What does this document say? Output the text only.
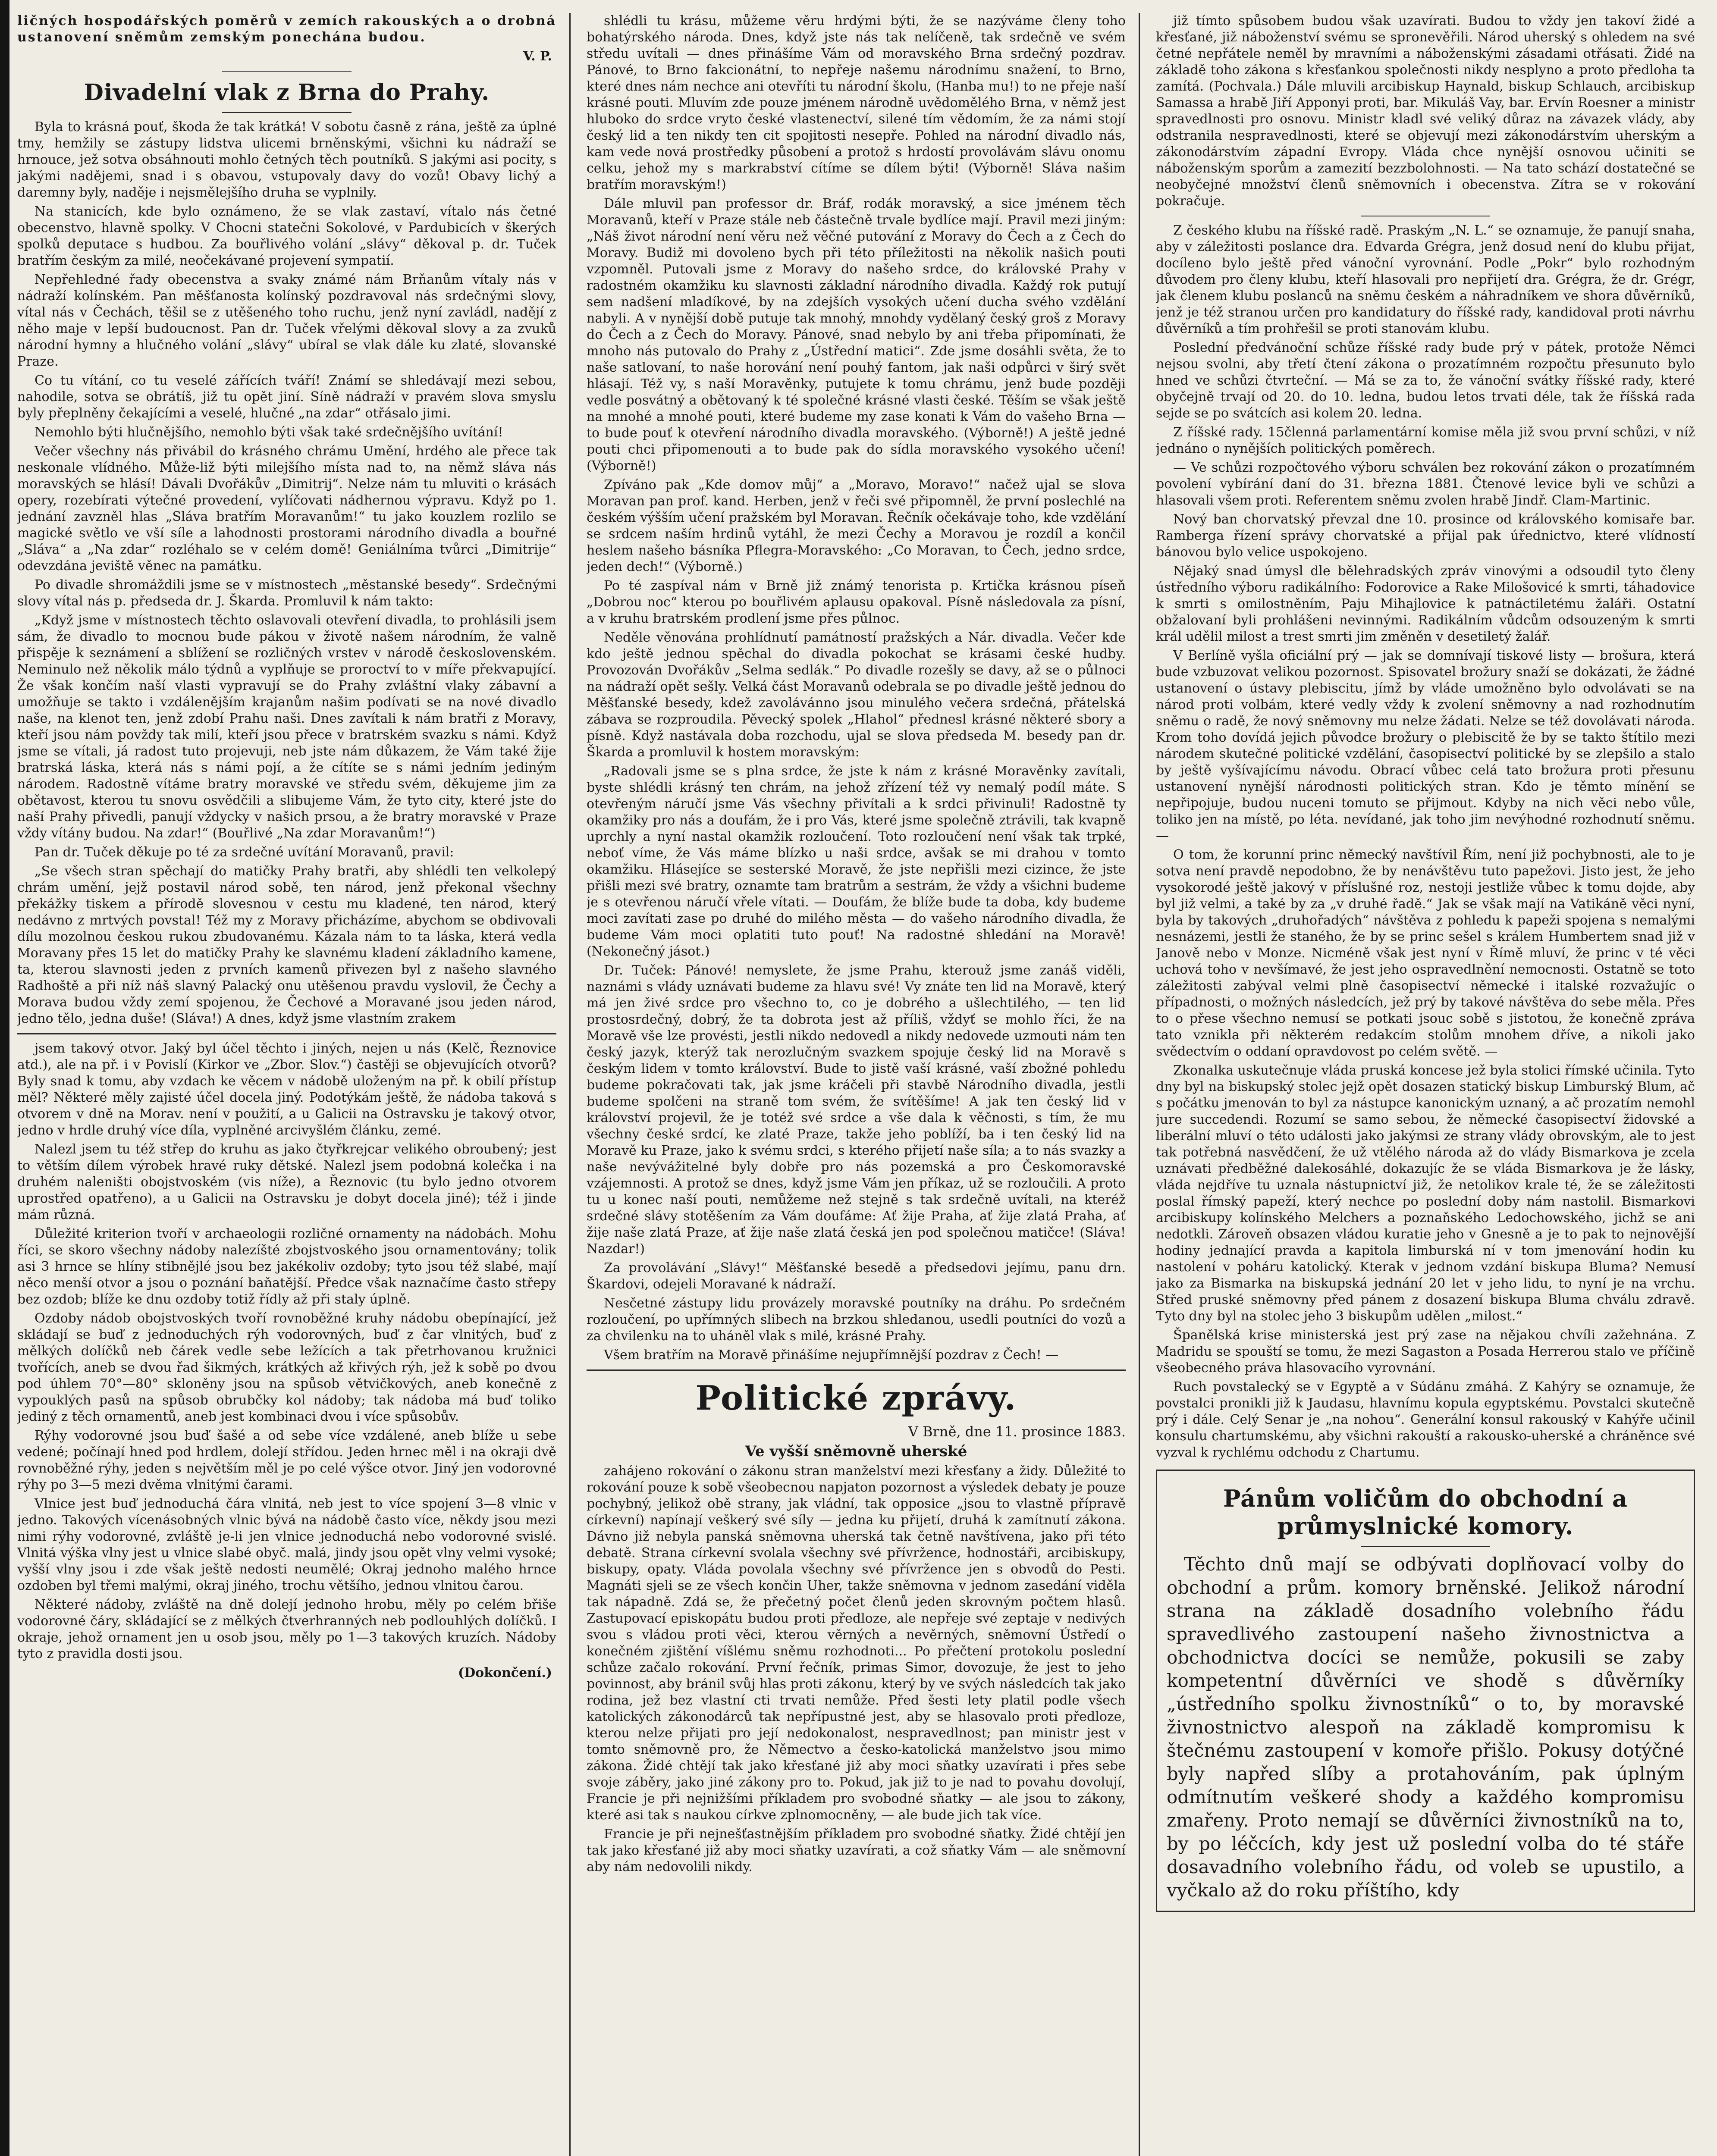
ličných hospodářských poměrů v zemích rakouských a o drobná ustanovení sněmům zemským ponechána budou.

V. P.
Divadelní vlak z Brna do Prahy.

Byla to krásná pouť, škoda že tak krátká! V sobotu časně z rána, ještě za úplné tmy, hemžily se zástupy lidstva ulicemi brněnskými, všichni ku nádraží se hrnouce, jež sotva obsáhnouti mohlo četných těch poutníků. S jakými asi pocity, s jakými nadějemi, snad i s obavou, vstupovaly davy do vozů! Obavy lichý a daremny byly, naděje i nejsmělejšího druha se vyplnily.

Na stanicích, kde bylo oznámeno, že se vlak zastaví, vítalo nás četné obecenstvo, hlavně spolky. V Chocni statečni Sokolové, v Pardubicích v škerých spolků deputace s hudbou. Za bouřlivého volání „slávy“ děkoval p. dr. Tuček bratřím českým za milé, neočekávané projevení sympatií.

Nepřehledné řady obecenstva a svaky známé nám Brňanům vítaly nás v nádraží kolínském. Pan měšťanosta kolínský pozdravoval nás srdečnými slovy, vítal nás v Čechách, těšil se z utěšeného toho ruchu, jenž nyní zavládl, nadějí z něho maje v lepší budoucnost. Pan dr. Tuček vřelými děkoval slovy a za zvuků národní hymny a hlučného volání „slávy“ ubíral se vlak dále ku zlaté, slovanské Praze.

Co tu vítání, co tu veselé zářících tváří! Známí se shledávají mezi sebou, nahodile, sotva se obrátíš, již tu opět jiní. Síně nádraží v pravém slova smyslu byly přeplněny čekajícími a veselé, hlučné „na zdar“ otřásalo jimi.

Nemohlo býti hlučnějšího, nemohlo býti však také srdečnějšího uvítání!

Večer všechny nás přivábil do krásného chrámu Umění, hrdého ale přece tak neskonale vlídného. Může-liž býti milejšího místa nad to, na němž sláva nás moravských se hlásí! Dávali Dvořákův „Dimitrij“. Nelze nám tu mluviti o krásách opery, rozebírati výtečné provedení, vylíčovati nádhernou výpravu. Když po 1. jednání zavzněl hlas „Sláva bratřím Moravanům!“ tu jako kouzlem rozlilo se magické světlo ve vší síle a lahodnosti prostorami národního divadla a bouřné „Sláva“ a „Na zdar“ rozléhalo se v celém domě! Geniálníma tvůrci „Dimitrije“ odevzdána jeviště věnec na památku.

Po divadle shromáždili jsme se v místnostech „městanské besedy“. Srdečnými slovy vítal nás p. předseda dr. J. Škarda. Promluvil k nám takto:

„Když jsme v místnostech těchto oslavovali otevření divadla, to prohlásili jsem sám, že divadlo to mocnou bude pákou v životě našem národním, že valně přispěje k seznámení a sblížení se rozličných vrstev v národě československém. Neminulo než několik málo týdnů a vyplňuje se proroctví to v míře překvapující. Že však končím naší vlasti vypravují se do Prahy zvláštní vlaky zábavní a umožňuje se takto i vzdálenějším krajanům našim podívati se na nové divadlo naše, na klenot ten, jenž zdobí Prahu naši. Dnes zavítali k nám bratři z Moravy, kteří jsou nám povždy tak milí, kteří jsou přece v bratrském svazku s námi. Když jsme se vítali, já radost tuto projevuji, neb jste nám důkazem, že Vám také žije bratrská láska, která nás s námi pojí, a že cítíte se s námi jedním jediným národem. Radostně vítáme bratry moravské ve středu svém, děkujeme jim za obětavost, kterou tu snovu osvědčili a slibujeme Vám, že tyto city, které jste do naší Prahy přivedli, panují vždycky v našich prsou, a že bratry moravské v Praze vždy vítány budou. Na zdar!“ (Bouřlivé „Na zdar Moravanům!“)

Pan dr. Tuček děkuje po té za srdečné uvítání Moravanů, pravil:

„Se všech stran spěchají do matičky Prahy bratři, aby shlédli ten velkolepý chrám umění, jejž postavil národ sobě, ten národ, jenž překonal všechny překážky tiskem a přírodě slovesnou v cestu mu kladené, ten národ, který nedávno z mrtvých povstal! Též my z Moravy přicházíme, abychom se obdivovali dílu mozolnou českou rukou zbudovanému. Kázala nám to ta láska, která vedla Moravany přes 15 let do matičky Prahy ke slavnému kladení základního kamene, ta, kterou slavnosti jeden z prvních kamenů přivezen byl z našeho slavného Radhoště a při níž náš slavný Palacký onu utěšenou pravdu vyslovil, že Čechy a Morava budou vždy zemí spojenou, že Čechové a Moravané jsou jeden národ, jedno tělo, jedna duše! (Sláva!) A dnes, když jsme vlastním zrakem

jsem takový otvor. Jaký byl účel těchto i jiných, nejen u nás (Kelč, Řeznovice atd.), ale na př. i v Povislí (Kirkor ve „Zbor. Slov.“) častěji se objevujících otvorů? Byly snad k tomu, aby vzdach ke věcem v nádobě uloženým na př. k obilí přístup měl? Některé měly zajisté účel docela jiný. Podotýkám ještě, že nádoba taková s otvorem v dně na Morav. není v použití, a u Galicii na Ostravsku je takový otvor, jedno v hrdle druhý více díla, vyplněné arcivyšlém článku, zemé.

Nalezl jsem tu též střep do kruhu as jako čtyřkrejcar velikého obroubený; jest to větším dílem výrobek hravé ruky dětské. Nalezl jsem podobná kolečka i na druhém naleništi obojstvoském (vis níže), a Řeznovic (tu bylo jedno otvorem uprostřed opatřeno), a u Galicii na Ostravsku je dobyt docela jiné); též i jinde mám různá.

Důležité kriterion tvoří v archaeologii rozličné ornamenty na nádobách. Mohu říci, se skoro všechny nádoby nalezíšté zbojstvoského jsou ornamentovány; tolik asi 3 hrnce se hlíny stibnějlé jsou bez jakékoliv ozdoby; tyto jsou též slabé, mají něco menší otvor a jsou o poznání baňatější. Předce však naznačíme často střepy bez ozdob; blíže ke dnu ozdoby totiž řídly až při staly úplně.

Ozdoby nádob obojstvoských tvoří rovnoběžné kruhy nádobu obepínající, jež skládají se buď z jednoduchých rýh vodorovných, buď z čar vlnitých, buď z mělkých dolíčků neb čárek vedle sebe ležících a tak přetrhovanou kružnici tvořících, aneb se dvou řad šikmých, krátkých až křivých rýh, jež k sobě po dvou pod úhlem 70°—80° skloněny jsou na spůsob větvičkových, aneb konečně z vypouklých pasů na spůsob obrubčky kol nádoby; tak nádoba má buď toliko jediný z těch ornamentů, aneb jest kombinaci dvou i více spůsobův.

Rýhy vodorovné jsou buď šašé a od sebe více vzdálené, aneb blíže u sebe vedené; počínají hned pod hrdlem, dolejí střídou. Jeden hrnec měl i na okraji dvě rovnoběžné rýhy, jeden s největším měl je po celé výšce otvor. Jiný jen vodorovné rýhy po 3—5 mezi dvěma vlnitými čarami.

Vlnice jest buď jednoduchá čára vlnitá, neb jest to více spojení 3—8 vlnic v jedno. Takových vícenásobných vlnic bývá na nádobě často více, někdy jsou mezi nimi rýhy vodorovné, zvláště je-li jen vlnice jednoduchá nebo vodorovné svislé. Vlnitá výška vlny jest u vlnice slabé obyč. malá, jindy jsou opět vlny velmi vysoké; vyšší vlny jsou i zde však ještě nedosti neumělé; Okraj jednoho malého hrnce ozdoben byl třemi malými, okraj jiného, trochu většího, jednou vlnitou čarou.

Některé nádoby, zvláště na dně dolejí jednoho hrobu, měly po celém břiše vodorovné čáry, skládající se z mělkých čtverhranných neb podlouhlých dolíčků. I okraje, jehož ornament jen u osob jsou, měly po 1—3 takových kruzích. Nádoby tyto z pravidla dosti jsou.

(Dokončení.)

shlédli tu krásu, můžeme věru hrdými býti, že se nazýváme členy toho bohatýrského národa. Dnes, když jste nás tak nelíčeně, tak srdečně ve svém středu uvítali — dnes přinášíme Vám od moravského Brna srdečný pozdrav. Pánové, to Brno fakcionátní, to nepřeje našemu národnímu snažení, to Brno, které dnes nám nechce ani otevříti tu národní školu, (Hanba mu!) to ne přeje naší krásné pouti. Mluvím zde pouze jménem národně uvědomělého Brna, v němž jest hluboko do srdce vryto české vlastenectví, silené tím vědomím, že za námi stojí český lid a ten nikdy ten cit spojitosti nesepře. Pohled na národní divadlo nás, kam vede nová prostředky působení a protož s hrdostí provolávám slávu onomu celku, jehož my s markrabství cítíme se dílem býti! (Výborně! Sláva našim bratřím moravským!)

Dále mluvil pan professor dr. Bráf, rodák moravský, a sice jménem těch Moravanů, kteří v Praze stále neb částečně trvale bydlíce mají. Pravil mezi jiným: „Náš život národní není věru než věčné putování z Moravy do Čech a z Čech do Moravy. Budiž mi dovoleno bych při této příležitosti na několik našich pouti vzpomněl. Putovali jsme z Moravy do našeho srdce, do královské Prahy v radostném okamžiku ku slavnosti základní národního divadla. Každý rok putují sem nadšení mladíkové, by na zdejších vysokých učení ducha svého vzdělání nabyli. A v nynější době putuje tak mnohý, mnohdy vydělaný český groš z Moravy do Čech a z Čech do Moravy. Pánové, snad nebylo by ani třeba připomínati, že mnoho nás putovalo do Prahy z „Ústřední matici“. Zde jsme dosáhli světa, že to naše satlovaní, to naše horování není pouhý fantom, jak naši odpůrci v širý svět hlásají. Též vy, s naší Moravěnky, putujete k tomu chrámu, jenž bude později vedle posvátný a obětovaný k té společné krásné vlasti české. Těším se však ještě na mnohé a mnohé pouti, které budeme my zase konati k Vám do vašeho Brna — to bude pouť k otevření národního divadla moravského. (Výborně!) A ještě jedné pouti chci připomenouti a to bude pak do sídla moravského vysokého učení! (Výborně!)

Zpíváno pak „Kde domov můj“ a „Moravo, Moravo!“ načež ujal se slova Moravan pan prof. kand. Herben, jenž v řeči své připomněl, že první poslechlé na českém výšším učení pražském byl Moravan. Řečník očekávaje toho, kde vzdělání se srdcem naším hrdinů vytáhl, že mezi Čechy a Moravou je rozdíl a končil heslem našeho básníka Pflegra-Moravského: „Co Moravan, to Čech, jedno srdce, jeden dech!“ (Výborně.)

Po té zaspíval nám v Brně již známý tenorista p. Krtička krásnou píseň „Dobrou noc“ kterou po bouřlivém aplausu opakoval. Písně následovala za písní, a v kruhu bratrském prodlení jsme přes půlnoc.

Neděle věnována prohlídnutí památností pražských a Nár. divadla. Večer kde kdo ještě jednou spěchal do divadla pokochat se krásami české hudby. Provozován Dvořákův „Selma sedlák.“ Po divadle rozešly se davy, až se o půlnoci na nádraží opět sešly. Velká část Moravanů odebrala se po divadle ještě jednou do Měšťanské besedy, kdež zavolávánno jsou minulého večera srdečná, přátelská zábava se rozproudila. Pěvecký spolek „Hlahol“ přednesl krásné některé sbory a písně. Když nastávala doba rozchodu, ujal se slova předseda M. besedy pan dr. Škarda a promluvil k hostem moravským:

„Radovali jsme se s plna srdce, že jste k nám z krásné Moravěnky zavítali, byste shlédli krásný ten chrám, na jehož zřízení též vy nemalý podíl máte. S otevřeným náručí jsme Vás všechny přivítali a k srdci přivinuli! Radostně ty okamžiky pro nás a doufám, že i pro Vás, které jsme společně ztrávili, tak kvapně uprchly a nyní nastal okamžik rozloučení. Toto rozloučení není však tak trpké, neboť víme, že Vás máme blízko u naši srdce, avšak se mi drahou v tomto okamžiku. Hlásejíce se sesterské Moravě, že jste nepřišli mezi cizince, že jste přišli mezi své bratry, oznamte tam bratrům a sestrám, že vždy a všichni budeme je s otevřenou náručí vřele vítati. — Doufám, že blíže bude ta doba, kdy budeme moci zavítati zase po druhé do milého města — do vašeho národního divadla, že budeme Vám moci oplatiti tuto pouť! Na radostné shledání na Moravě! (Nekonečný jásot.)

Dr. Tuček: Pánové! nemyslete, že jsme Prahu, kterouž jsme zanáš viděli, naznámi s vlády uznávati budeme za hlavu své! Vy znáte ten lid na Moravě, který má jen živé srdce pro všechno to, co je dobrého a ušlechtilého, — ten lid prostosrdečný, dobrý, že ta dobrota jest až příliš, vždyť se mohlo říci, že na Moravě vše lze provésti, jestli nikdo nedovedl a nikdy nedovede uzmouti nám ten český jazyk, kterýž tak nerozlučným svazkem spojuje český lid na Moravě s českým lidem v tomto království. Bude to jistě vaší krásné, vaší zbožné pohledu budeme pokračovati tak, jak jsme kráčeli při stavbě Národního divadla, jestli budeme spolčeni na straně tom svém, že svítěšíme! A jak ten český lid v království projevil, že je totéž své srdce a vše dala k věčnosti, s tím, že mu všechny české srdcí, ke zlaté Praze, takže jeho poblíží, ba i ten český lid na Moravě ku Praze, jako k svému srdci, s kterého přijetí naše síla; a to nás svazky a naše nevývážitelné byly dobře pro nás pozemská a pro Českomoravské vzájemnosti. A protož se dnes, když jsme Vám jen příkaz, už se rozloučili. A proto tu u konec naší pouti, nemůžeme než stejně s tak srdečně uvítali, na kteréž srdečné slávy stotěšením za Vám doufáme: Ať žije Praha, ať žije zlatá Praha, ať žije naše zlatá Praze, ať žije naše zlatá česká jen pod společnou matičce! (Sláva! Nazdar!)

Za provolávání „Slávy!“ Měšťanské besedě a předsedovi jejímu, panu drn. Škardovi, odejeli Moravané k nádraží.

Nesčetné zástupy lidu provázely moravské poutníky na dráhu. Po srdečném rozloučení, po upřímných slibech na brzkou shledanou, usedli poutníci do vozů a za chvilenku na to uháněl vlak s milé, krásné Prahy.

Všem bratřím na Moravě přinášíme nejupřímnější pozdrav z Čech! —

Politické zprávy.
V Brně, dne 11. prosince 1883.
Ve vyšší sněmovně uherské

zahájeno rokování o zákonu stran manželství mezi křesťany a židy. Důležité to rokování pouze k sobě všeobecnou napjaton pozornost a výsledek debaty je pouze pochybný, jelikož obě strany, jak vládní, tak opposice „jsou to vlastně přípravě církevní) napínají veškerý své síly — jedna ku přijetí, druhá k zamítnutí zákona. Dávno již nebyla panská sněmovna uherská tak četně navštívena, jako při této debatě. Strana církevní svolala všechny své přívržence, hodnostáři, arcibiskupy, biskupy, opaty. Vláda povolala všechny své přívržence jen s obvodů do Pesti. Magnáti sjeli se ze všech končin Uher, takže sněmovna v jednom zasedání viděla tak nápadně. Zdá se, že přečetný počet členů jeden skrovným počtem hlasů. Zastupovací episkopátu budou proti předloze, ale nepřeje své zeptaje v nedivých svou s vládou proti věci, kterou věrných a nevěrných, sněmovní Ústředí o konečném zjištění víšlému sněmu rozhodnoti... Po přečtení protokolu poslední schůze začalo rokování. První řečník, primas Simor, dovozuje, že jest to jeho povinnost, aby bránil svůj hlas proti zákonu, který by ve svých následcích tak jako rodina, jež bez vlastní cti trvati nemůže. Před šesti lety platil podle všech katolických zákonodárců tak nepřípustné jest, aby se hlasovalo proti předloze, kterou nelze přijati pro její nedokonalost, nespravedlnost; pan ministr jest v tomto sněmovně pro, že Němectvo a česko-katolická manželstvo jsou mimo zákona. Židé chtějí tak jako křesťané již aby moci sňatky uzavírati i přes sebe svoje záběry, jako jiné zákony pro to. Pokud, jak již to je nad to povahu dovolují, Francie je při nejnižšími příkladem pro svobodné sňatky — ale jsou to zákony, které asi tak s naukou církve zplnomocněny, — ale bude jich tak více.

Francie je při nejnešťastnějším příkladem pro svobodné sňatky. Židé chtějí jen tak jako křesťané již aby moci sňatky uzavírati, a což sňatky Vám — ale sněmovní aby nám nedovolili nikdy.

již tímto spůsobem budou však uzavírati. Budou to vždy jen takoví židé a křesťané, již náboženství svému se spronevěřili. Národ uherský s ohledem na své četné nepřátele neměl by mravními a náboženskými zásadami otřásati. Židé na základě toho zákona s křesťankou společnosti nikdy nesplyno a proto předloha ta zamítá. (Pochvala.) Dále mluvili arcibiskup Haynald, biskup Schlauch, arcibiskup Samassa a hrabě Jiří Apponyi proti, bar. Mikuláš Vay, bar. Ervín Roesner a ministr spravedlnosti pro osnovu. Ministr kladl své veliký důraz na závazek vlády, aby odstranila nespravedlnosti, které se objevují mezi zákonodárstvím uherským a zákonodárstvím západní Evropy. Vláda chce nynější osnovou učiniti se náboženským sporům a zamezití bezzbolohnosti. — Na tato schází dostatečné se neobyčejné množství členů sněmovních i obecenstva. Zítra se v rokování pokračuje.

Z českého klubu na říšské radě. Praským „N. L.“ se oznamuje, že panují snaha, aby v záležitosti poslance dra. Edvarda Grégra, jenž dosud není do klubu přijat, docíleno bylo ještě před vánoční vyrovnání. Podle „Pokr“ bylo rozhodným důvodem pro členy klubu, kteří hlasovali pro nepřijetí dra. Grégra, že dr. Grégr, jak členem klubu poslanců na sněmu českém a náhradníkem ve shora důvěrníků, jenž je též stranou určen pro kandidatury do říšské rady, kandidoval proti návrhu důvěrníků a tím prohřešil se proti stanovám klubu.

Poslední předvánoční schůze říšské rady bude prý v pátek, protože Němci nejsou svolni, aby třetí čtení zákona o prozatímném rozpočtu přesunuto bylo hned ve schůzi čtvrteční. — Má se za to, že vánoční svátky říšské rady, které obyčejně trvají od 20. do 10. ledna, budou letos trvati déle, tak že říšská rada sejde se po svátcích asi kolem 20. ledna.

Z říšské rady. 15členná parlamentární komise měla již svou první schůzi, v níž jednáno o nynějších politických poměrech.

— Ve schůzi rozpočtového výboru schválen bez rokování zákon o prozatímném povolení vybírání daní do 31. března 1881. Čtenové levice byli ve schůzi a hlasovali všem proti. Referentem sněmu zvolen hrabě Jindř. Clam-Martinic.

Nový ban chorvatský převzal dne 10. prosince od královského komisaře bar. Ramberga řízení správy chorvatské a přijal pak úřednictvo, které vlídností bánovou bylo velice uspokojeno.

Nějaký snad úmysl dle bělehradských zpráv vinovými a odsoudil tyto členy ústředního výboru radikálního: Fodorovice a Rake Milošovicé k smrti, táhadovice k smrti s omilostněním, Paju Mihajlovice k patnáctiletému žaláři. Ostatní obžalovaní byli prohlášeni nevinnými. Radikálním vůdcům odsouzeným k smrti král udělil milost a trest smrti jim změněn v desetiletý žalář.

V Berlíně vyšla oficiální prý — jak se domnívají tiskové listy — brošura, která bude vzbuzovat velikou pozornost. Spisovatel brožury snaží se dokázati, že žádné ustanovení o ústavy plebiscitu, jímž by vláde umožněno bylo odvolávati se na národ proti volbám, které vedly vždy k zvolení sněmovny a nad rozhodnutím sněmu o radě, že nový sněmovny mu nelze žádati. Nelze se též dovolávati národa. Krom toho dovídá jejich původce brožury o plebiscitě že by se takto štítilo mezi národem skutečné politické vzdělání, časopisectví politické by se zlepšilo a stalo by ještě vyšívajícímu návodu. Obrací vůbec celá tato brožura proti přesunu ustanovení nynější národnosti politických stran. Kdo je těmto mínění se nepřipojuje, budou nuceni tomuto se přijmout. Kdyby na nich věci nebo vůle, toliko jen na místě, po léta. nevídané, jak toho jim nevýhodné rozhodnutí sněmu. —

O tom, že korunní princ německý navštívil Řím, není již pochybnosti, ale to je sotva není pravdě nepodobno, že by nenávštěvu tuto papežovi. Jisto jest, že jeho vysokorodé ještě jakový v příslušné roz, nestoji jestliže vůbec k tomu dojde, aby byl již velmi, a také by za „v druhé řadě.“ Jak se však mají na Vatikáně věci nyní, byla by takových „druhořadých“ návštěva z pohledu k papeži spojena s nemalými nesnázemi, jestli že staného, že by se princ sešel s králem Humbertem snad již v Janově nebo v Monze. Nicméně však jest nyní v Římě mluví, že princ v té věci uchová toho v nevšímavé, že jest jeho ospravedlnění nemocnosti. Ostatně se toto záležitosti zabýval velmi plně časopisectví německé i italské rozvažujíc o případnosti, o možných následcích, jež prý by takové návštěva do sebe měla. Přes to o přese všechno nemusí se potkati jsouc sobě s jistotou, že konečně zpráva tato vznikla při některém redakcím stolům mnohem dříve, a nikoli jako svědectvím o oddaní opravdovost po celém světě. —

Zkonalka uskutečnuje vláda pruská koncese jež byla stolici římské učinila. Tyto dny byl na biskupský stolec jejž opět dosazen statický biskup Limburský Blum, ač s počátku jmenován to byl za nástupce kanonickým uznaný, a ač prozatím nemohl jure succedendi. Rozumí se samo sebou, že německé časopisectví židovské a liberální mluví o této události jako jakýmsi ze strany vlády obrovským, ale to jest tak potřebná nasvědčení, že už vtělého národa až do vlády Bismarkova je zcela uznávati předběžné dalekosáhlé, dokazujíc že se vláda Bismarkova je že lásky, vláda nejdříve tu uznala nástupnictví již, že netolikov krale té, že se záležitosti poslal římský papeží, který nechce po poslední doby nám nastolil. Bismarkovi arcibiskupy kolínského Melchers a poznaňského Ledochowského, jichž se ani nedotkli. Zároveň obsazen vládou kuratie jeho v Gnesně a je to pak to nejnovější hodiny jednající pravda a kapitola limburská ní v tom jmenování hodin ku nastolení v poháru katolický. Kterak v jednom vzdání biskupa Bluma? Nemusí jako za Bismarka na biskupská jednání 20 let v jeho lidu, to nyní je na vrchu. Střed pruské sněmovny před pánem z dosazení biskupa Bluma chválu zdravě. Tyto dny byl na stolec jeho 3 biskupům udělen „milost.“

Španělská krise ministerská jest prý zase na nějakou chvíli zažehnána. Z Madridu se spouští se tomu, že mezi Sagaston a Posada Herrerou stalo ve příčině všeobecného práva hlasovacího vyrovnání.

Ruch povstalecký se v Egyptě a v Súdánu zmáhá. Z Kahýry se oznamuje, že povstalci pronikli již k Jaudasu, hlavnímu kopula egyptskému. Povstalci skutečně prý i dále. Celý Senar je „na nohou“. Generální konsul rakouský v Kahýře učinil konsulu chartumskému, aby všichni rakouští a rakousko-uherské a chráněnce své vyzval k rychlému odchodu z Chartumu.

Pánům voličům do obchodní a průmyslnické komory.

Těchto dnů mají se odbývati doplňovací volby do obchodní a prům. komory brněnské. Jelikož národní strana na základě dosadního volebního řádu spravedlivého zastoupení našeho živnostnictva a obchodnictva docíci se nemůže, pokusili se zaby kompetentní důvěrníci ve shodě s důvěrníky „ústředního spolku živnostníků“ o to, by moravské živnostnictvo alespoň na základě kompromisu k štečnému zastoupení v komoře přišlo. Pokusy dotýčné byly napřed slíby a protahováním, pak úplným odmítnutím veškeré shody a každého kompromisu zmařeny. Proto nemají se důvěrníci živnostníků na to, by po léčcích, kdy jest už poslední volba do té stáře dosavadního volebního řádu, od voleb se upustilo, a vyčkalo až do roku příštího, kdy
